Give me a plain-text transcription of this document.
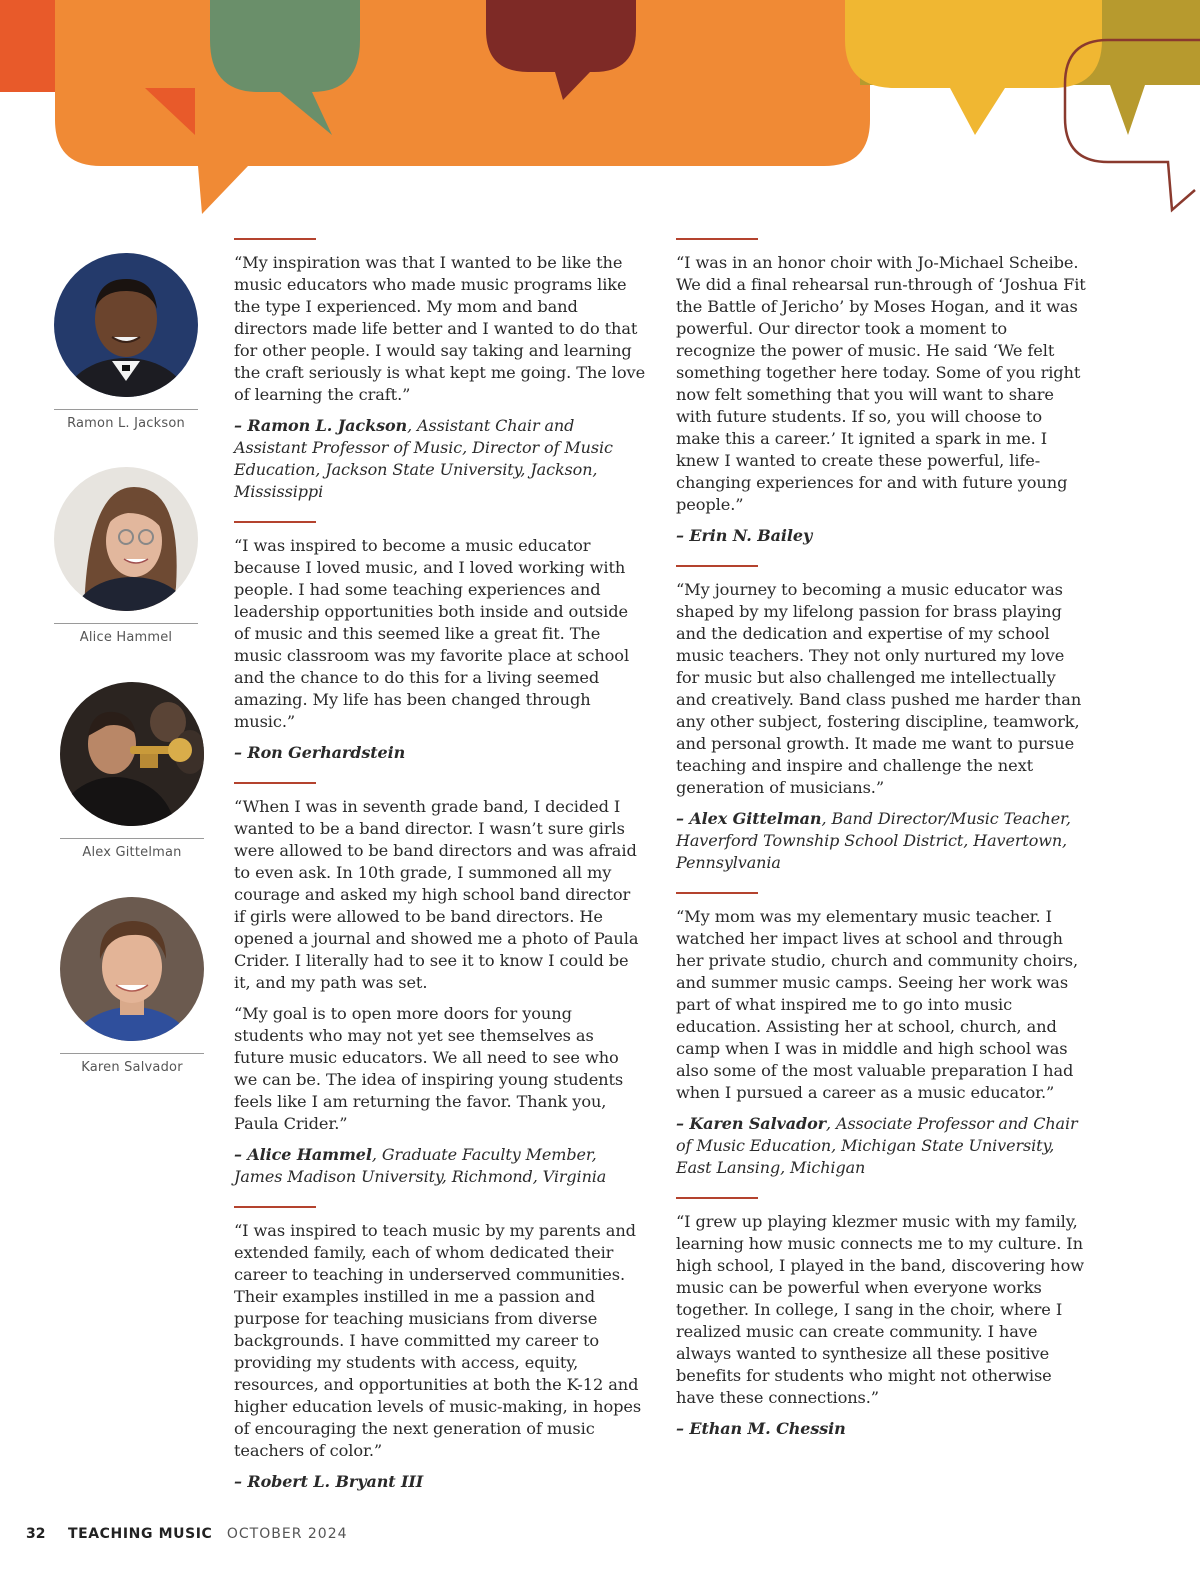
Ramon L. Jackson
Alice Hammel
Alex Gittelman
Karen Salvador

“My inspiration was that I wanted to be like the music educators who made music programs like the type I experienced. My mom and band directors made life better and I wanted to do that for other people. I would say taking and learning the craft seriously is what kept me going. The love of learning the craft.”

– Ramon L. Jackson, Assistant Chair and Assistant Professor of Music, Director of Music Education, Jackson State University, Jackson, Mississippi

“I was inspired to become a music educator because I loved music, and I loved working with people. I had some teaching experiences and leadership opportunities both inside and outside of music and this seemed like a great fit. The music classroom was my favorite place at school and the chance to do this for a living seemed amazing. My life has been changed through music.”

– Ron Gerhardstein

“When I was in seventh grade band, I decided I wanted to be a band director. I wasn’t sure girls were allowed to be band directors and was afraid to even ask. In 10th grade, I summoned all my courage and asked my high school band director if girls were allowed to be band directors. He opened a journal and showed me a photo of Paula Crider. I literally had to see it to know I could be it, and my path was set.

“My goal is to open more doors for young students who may not yet see themselves as future music educators. We all need to see who we can be. The idea of inspiring young students feels like I am returning the favor. Thank you, Paula Crider.”

– Alice Hammel, Graduate Faculty Member, James Madison University, Richmond, Virginia

“I was inspired to teach music by my parents and extended family, each of whom dedicated their career to teaching in underserved communities. Their examples instilled in me a passion and purpose for teaching musicians from diverse backgrounds. I have committed my career to providing my students with access, equity, resources, and opportunities at both the K-12 and higher education levels of music-making, in hopes of encouraging the next generation of music teachers of color.”

– Robert L. Bryant III

“I was in an honor choir with Jo-Michael Scheibe. We did a final rehearsal run-through of ‘Joshua Fit the Battle of Jericho’ by Moses Hogan, and it was powerful. Our director took a moment to recognize the power of music. He said ‘We felt something together here today. Some of you right now felt something that you will want to share with future students. If so, you will choose to make this a career.’ It ignited a spark in me. I knew I wanted to create these powerful, life-changing experiences for and with future young people.”

– Erin N. Bailey

“My journey to becoming a music educator was shaped by my lifelong passion for brass playing and the dedication and expertise of my school music teachers. They not only nurtured my love for music but also challenged me intellectually and creatively. Band class pushed me harder than any other subject, fostering discipline, teamwork, and personal growth. It made me want to pursue teaching and inspire and challenge the next generation of musicians.”

– Alex Gittelman, Band Director/Music Teacher, Haverford Township School District, Havertown, Pennsylvania

“My mom was my elementary music teacher. I watched her impact lives at school and through her private studio, church and community choirs, and summer music camps. Seeing her work was part of what inspired me to go into music education. Assisting her at school, church, and camp when I was in middle and high school was also some of the most valuable preparation I had when I pursued a career as a music educator.”

– Karen Salvador, Associate Professor and Chair of Music Education, Michigan State University, East Lansing, Michigan

“I grew up playing klezmer music with my family, learning how music connects me to my culture. In high school, I played in the band, discovering how music can be powerful when everyone works together. In college, I sang in the choir, where I realized music can create community. I have always wanted to synthesize all these positive benefits for students who might not otherwise have these connections.”

– Ethan M. Chessin

32 TEACHING MUSIC OCTOBER 2024
